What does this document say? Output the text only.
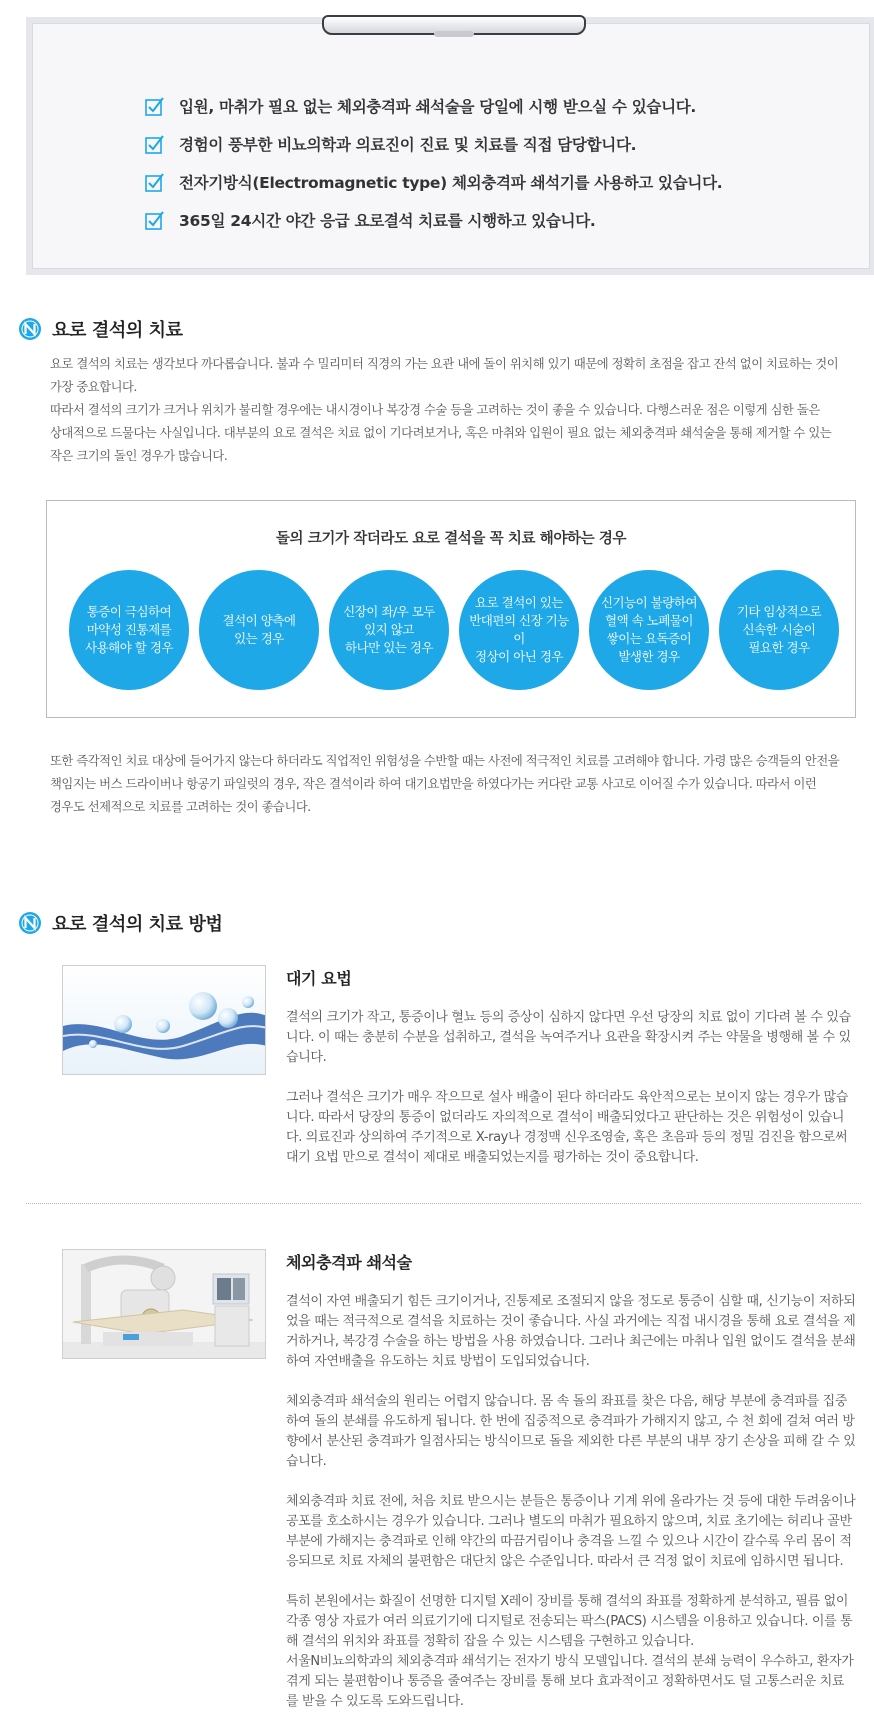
입원, 마취가 필요 없는 체외충격파 쇄석술을 당일에 시행 받으실 수 있습니다.
경험이 풍부한 비뇨의학과 의료진이 진료 및 치료를 직접 담당합니다.
전자기방식(Electromagnetic type) 체외충격파 쇄석기를 사용하고 있습니다.
365일 24시간 야간 응급 요로결석 치료를 시행하고 있습니다.
요로 결석의 치료
요로 결석의 치료는 생각보다 까다롭습니다. 불과 수 밀리미터 직경의 가는 요관 내에 돌이 위치해 있기 때문에 정확히 초점을 잡고 잔석 없이 치료하는 것이
가장 중요합니다.
따라서 결석의 크기가 크거나 위치가 불리할 경우에는 내시경이나 복강경 수술 등을 고려하는 것이 좋을 수 있습니다. 다행스러운 점은 이렇게 심한 돌은
상대적으로 드물다는 사실입니다. 대부분의 요로 결석은 치료 없이 기다려보거나, 혹은 마취와 입원이 필요 없는 체외충격파 쇄석술을 통해 제거할 수 있는
작은 크기의 돌인 경우가 많습니다.
돌의 크기가 작더라도 요로 결석을 꼭 치료 해야하는 경우
통증이 극심하여
마약성 진통제를
사용해야 할 경우
결석이 양측에
있는 경우
신장이 좌/우 모두
있지 않고
하나만 있는 경우
요로 결석이 있는
반대편의 신장 기능이
정상이 아닌 경우
신기능이 불량하여
혈액 속 노폐물이
쌓이는 요독증이
발생한 경우
기타 임상적으로
신속한 시술이
필요한 경우
또한 즉각적인 치료 대상에 들어가지 않는다 하더라도 직업적인 위험성을 수반할 때는 사전에 적극적인 치료를 고려해야 합니다. 가령 많은 승객들의 안전을
책임지는 버스 드라이버나 항공기 파일럿의 경우, 작은 결석이라 하여 대기요법만을 하였다가는 커다란 교통 사고로 이어질 수가 있습니다. 따라서 이런
경우도 선제적으로 치료를 고려하는 것이 좋습니다.
요로 결석의 치료 방법
대기 요법

결석의 크기가 작고, 통증이나 혈뇨 등의 증상이 심하지 않다면 우선 당장의 치료 없이 기다려 볼 수 있습니다. 이 때는 충분히 수분을 섭취하고, 결석을 녹여주거나 요관을 확장시켜 주는 약물을 병행해 볼 수 있습니다.

그러나 결석은 크기가 매우 작으므로 설사 배출이 된다 하더라도 육안적으로는 보이지 않는 경우가 많습니다. 따라서 당장의 통증이 없더라도 자의적으로 결석이 배출되었다고 판단하는 것은 위험성이 있습니다. 의료진과 상의하여 주기적으로 X-ray나 경정맥 신우조영술, 혹은 초음파 등의 정밀 검진을 함으로써 대기 요법 만으로 결석이 제대로 배출되었는지를 평가하는 것이 중요합니다.

체외충격파 쇄석술

결석이 자연 배출되기 힘든 크기이거나, 진통제로 조절되지 않을 정도로 통증이 심할 때, 신기능이 저하되었을 때는 적극적으로 결석을 치료하는 것이 좋습니다. 사실 과거에는 직접 내시경을 통해 요로 결석을 제거하거나, 복강경 수술을 하는 방법을 사용 하였습니다. 그러나 최근에는 마취나 입원 없이도 결석을 분쇄하여 자연배출을 유도하는 치료 방법이 도입되었습니다.

체외충격파 쇄석술의 원리는 어렵지 않습니다. 몸 속 돌의 좌표를 찾은 다음, 해당 부분에 충격파를 집중하여 돌의 분쇄를 유도하게 됩니다. 한 번에 집중적으로 충격파가 가해지지 않고, 수 천 회에 걸쳐 여러 방향에서 분산된 충격파가 일점사되는 방식이므로 돌을 제외한 다른 부분의 내부 장기 손상을 피해 갈 수 있습니다.

체외충격파 치료 전에, 처음 치료 받으시는 분들은 통증이나 기계 위에 올라가는 것 등에 대한 두려움이나 공포를 호소하시는 경우가 있습니다. 그러나 별도의 마취가 필요하지 않으며, 치료 초기에는 허리나 골반 부분에 가해지는 충격파로 인해 약간의 따끔거림이나 충격을 느낄 수 있으나 시간이 갈수록 우리 몸이 적응되므로 치료 자체의 불편함은 대단치 않은 수준입니다. 따라서 큰 걱정 없이 치료에 임하시면 됩니다.

특히 본원에서는 화질이 선명한 디지털 X레이 장비를 통해 결석의 좌표를 정확하게 분석하고, 필름 없이 각종 영상 자료가 여러 의료기기에 디지털로 전송되는 팍스(PACS) 시스템을 이용하고 있습니다. 이를 통해 결석의 위치와 좌표를 정확히 잡을 수 있는 시스템을 구현하고 있습니다.

서울N비뇨의학과의 체외충격파 쇄석기는 전자기 방식 모델입니다. 결석의 분쇄 능력이 우수하고, 환자가 겪게 되는 불편함이나 통증을 줄여주는 장비를 통해 보다 효과적이고 정확하면서도 덜 고통스러운 치료를 받을 수 있도록 도와드립니다.
